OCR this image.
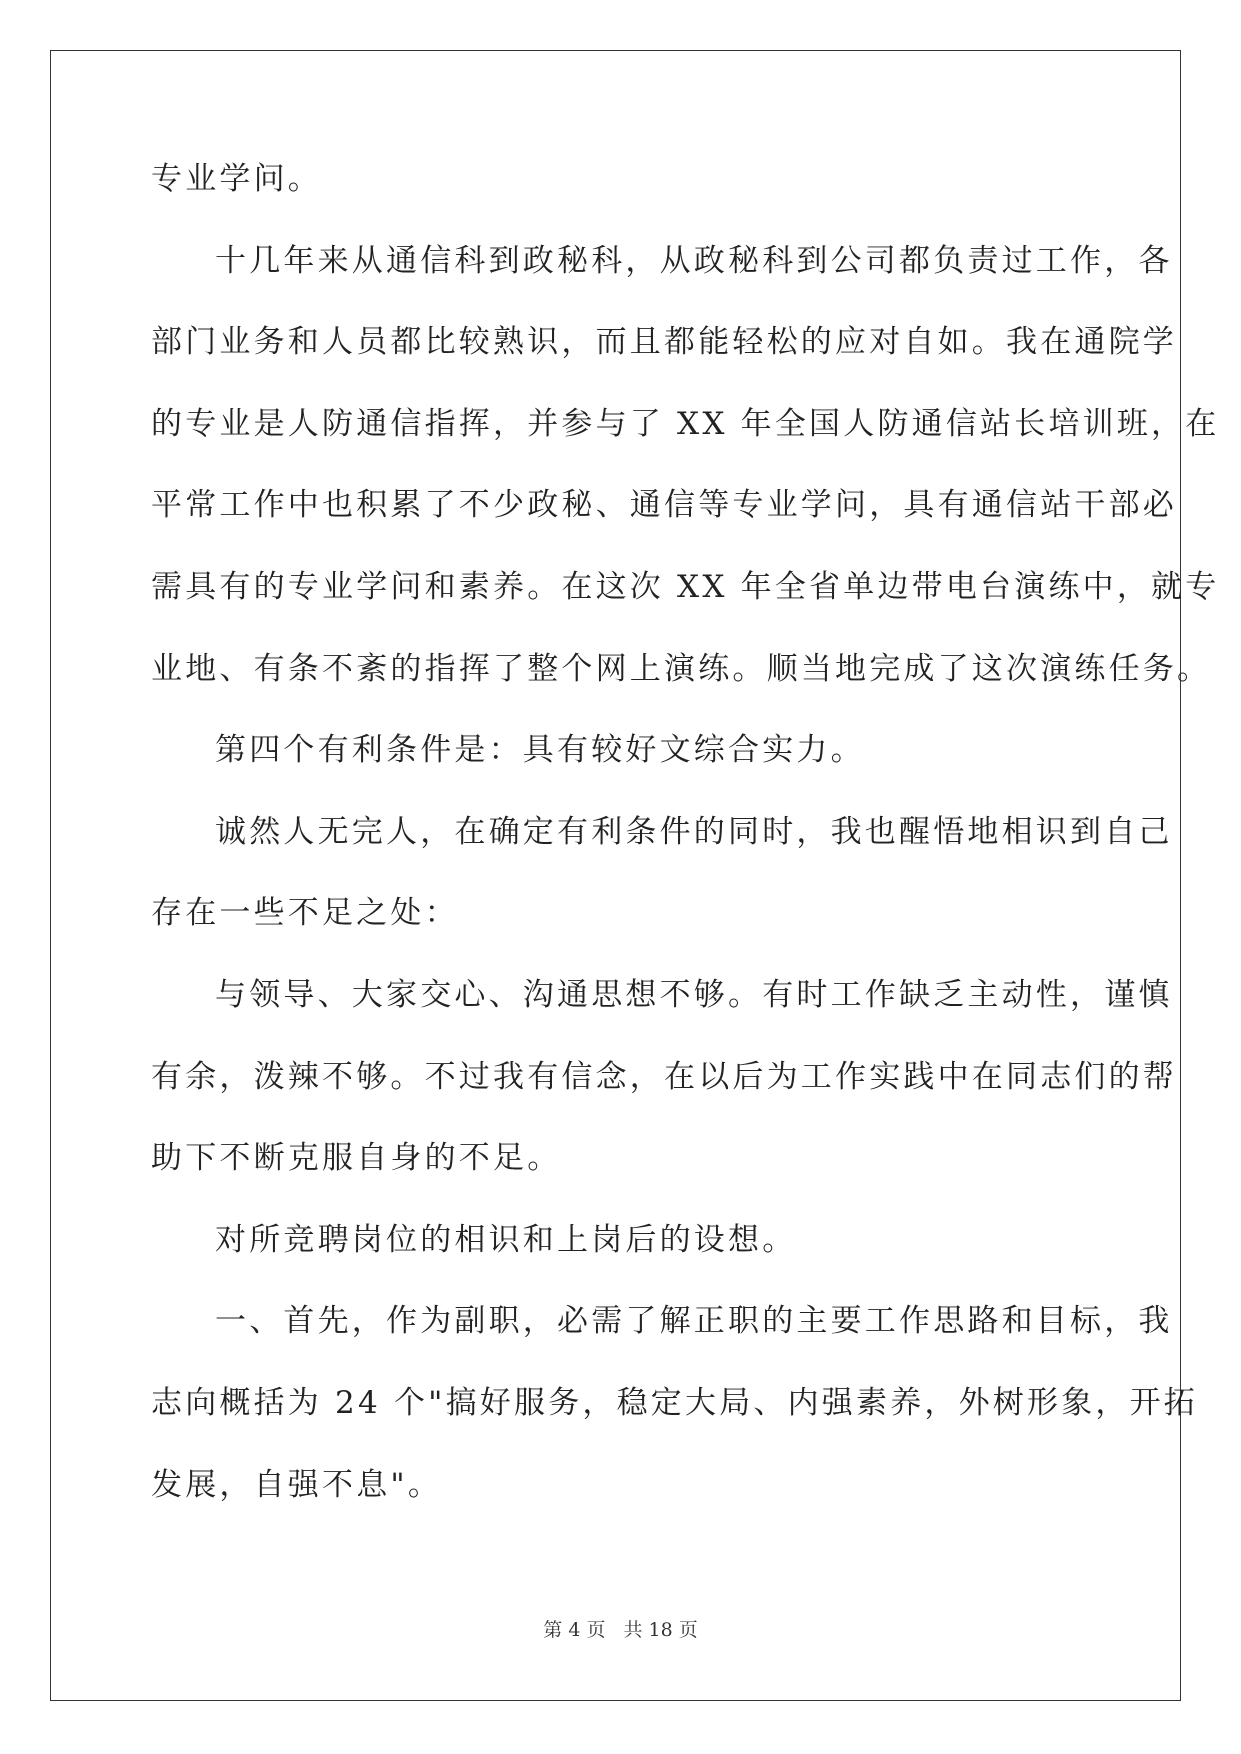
专业学问。
十几年来从通信科到政秘科，从政秘科到公司都负责过工作，各
部门业务和人员都比较熟识，而且都能轻松的应对自如。我在通院学
的专业是人防通信指挥，并参与了 XX 年全国人防通信站长培训班，在
平常工作中也积累了不少政秘、通信等专业学问，具有通信站干部必
需具有的专业学问和素养。在这次 XX 年全省单边带电台演练中，就专
业地、有条不紊的指挥了整个网上演练。顺当地完成了这次演练任务。
第四个有利条件是：具有较好文综合实力。
诚然人无完人，在确定有利条件的同时，我也醒悟地相识到自己
存在一些不足之处：
与领导、大家交心、沟通思想不够。有时工作缺乏主动性，谨慎
有余，泼辣不够。不过我有信念，在以后为工作实践中在同志们的帮
助下不断克服自身的不足。
对所竞聘岗位的相识和上岗后的设想。
一、首先，作为副职，必需了解正职的主要工作思路和目标，我
志向概括为 24 个"搞好服务，稳定大局、内强素养，外树形象，开拓
发展，自强不息"。
第 4 页 共 18 页
